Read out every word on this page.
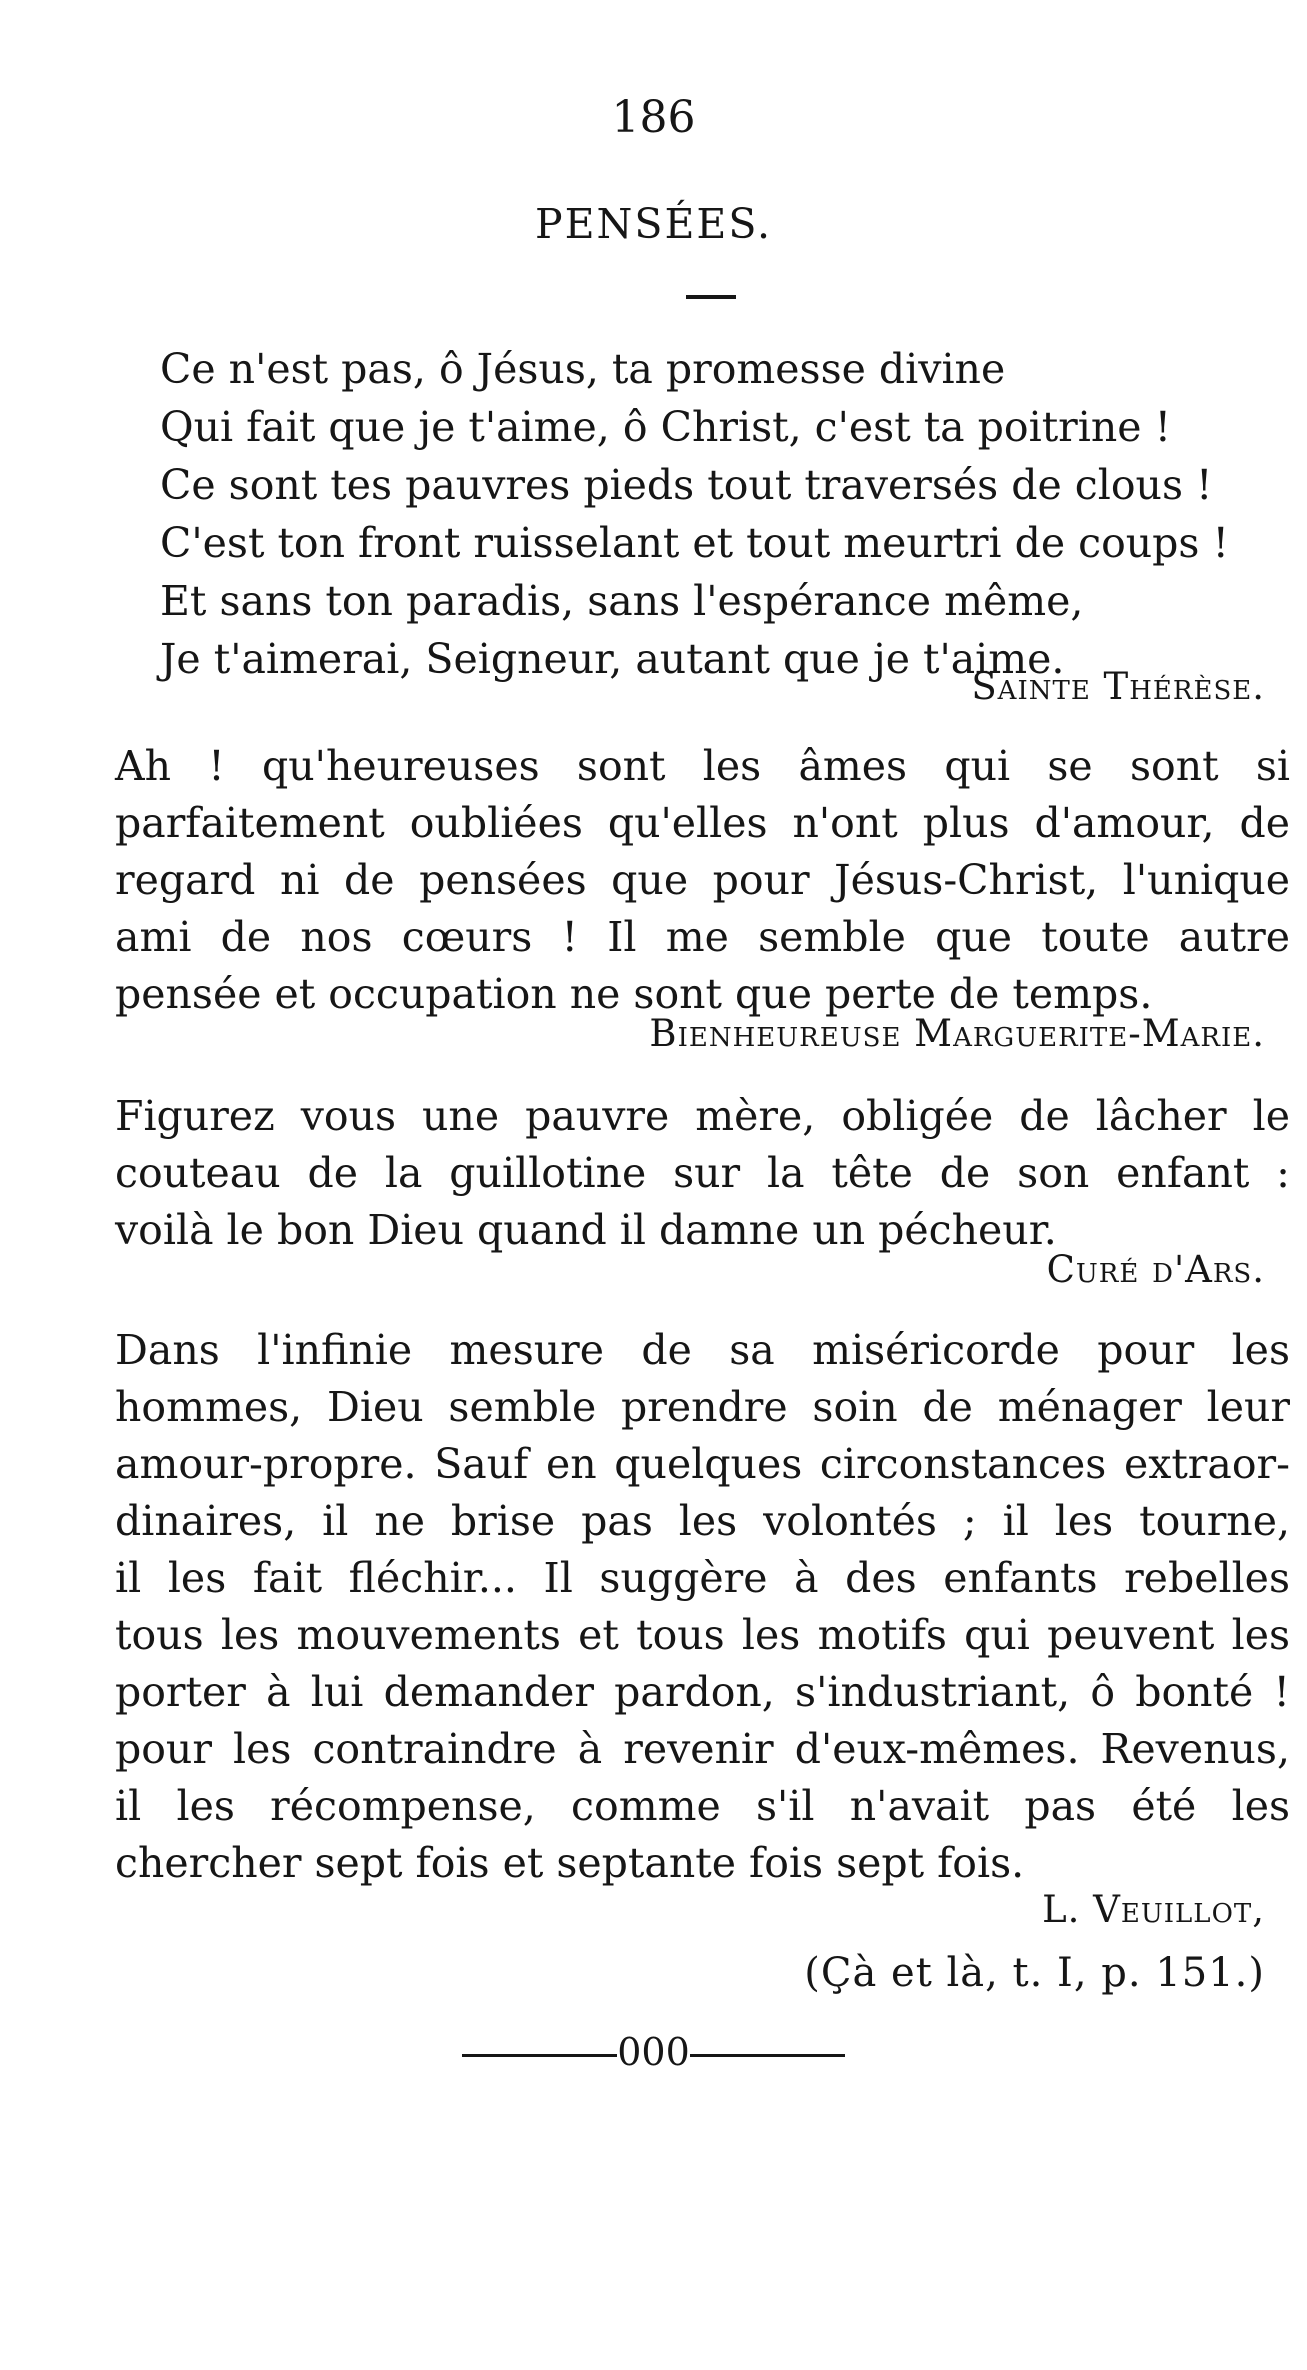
186
PENSÉES.
Ce n'est pas, ô Jésus, ta promesse divine
Qui fait que je t'aime, ô Christ, c'est ta poitrine !
Ce sont tes pauvres pieds tout traversés de clous !
C'est ton front ruisselant et tout meurtri de coups !
Et sans ton paradis, sans l'espérance même,
Je t'aimerai, Seigneur, autant que je t'aime.
Sainte Thérèse.
Ah ! qu'heureuses sont les âmes qui se sont si
parfaitement oubliées qu'elles n'ont plus d'amour, de
regard ni de pensées que pour Jésus-Christ, l'unique
ami de nos cœurs ! Il me semble que toute autre
pensée et occupation ne sont que perte de temps.
Bienheureuse Marguerite-Marie.
Figurez vous une pauvre mère, obligée de lâcher le
couteau de la guillotine sur la tête de son enfant :
voilà le bon Dieu quand il damne un pécheur.
Curé d'Ars.
Dans l'infinie mesure de sa miséricorde pour les
hommes, Dieu semble prendre soin de ménager leur
amour-propre. Sauf en quelques circonstances extraor-
dinaires, il ne brise pas les volontés ; il les tourne,
il les fait fléchir... Il suggère à des enfants rebelles
tous les mouvements et tous les motifs qui peuvent les
porter à lui demander pardon, s'industriant, ô bonté !
pour les contraindre à revenir d'eux-mêmes. Revenus,
il les récompense, comme s'il n'avait pas été les
chercher sept fois et septante fois sept fois.
L. Veuillot,
(Çà et là, t. I, p. 151.)
000
